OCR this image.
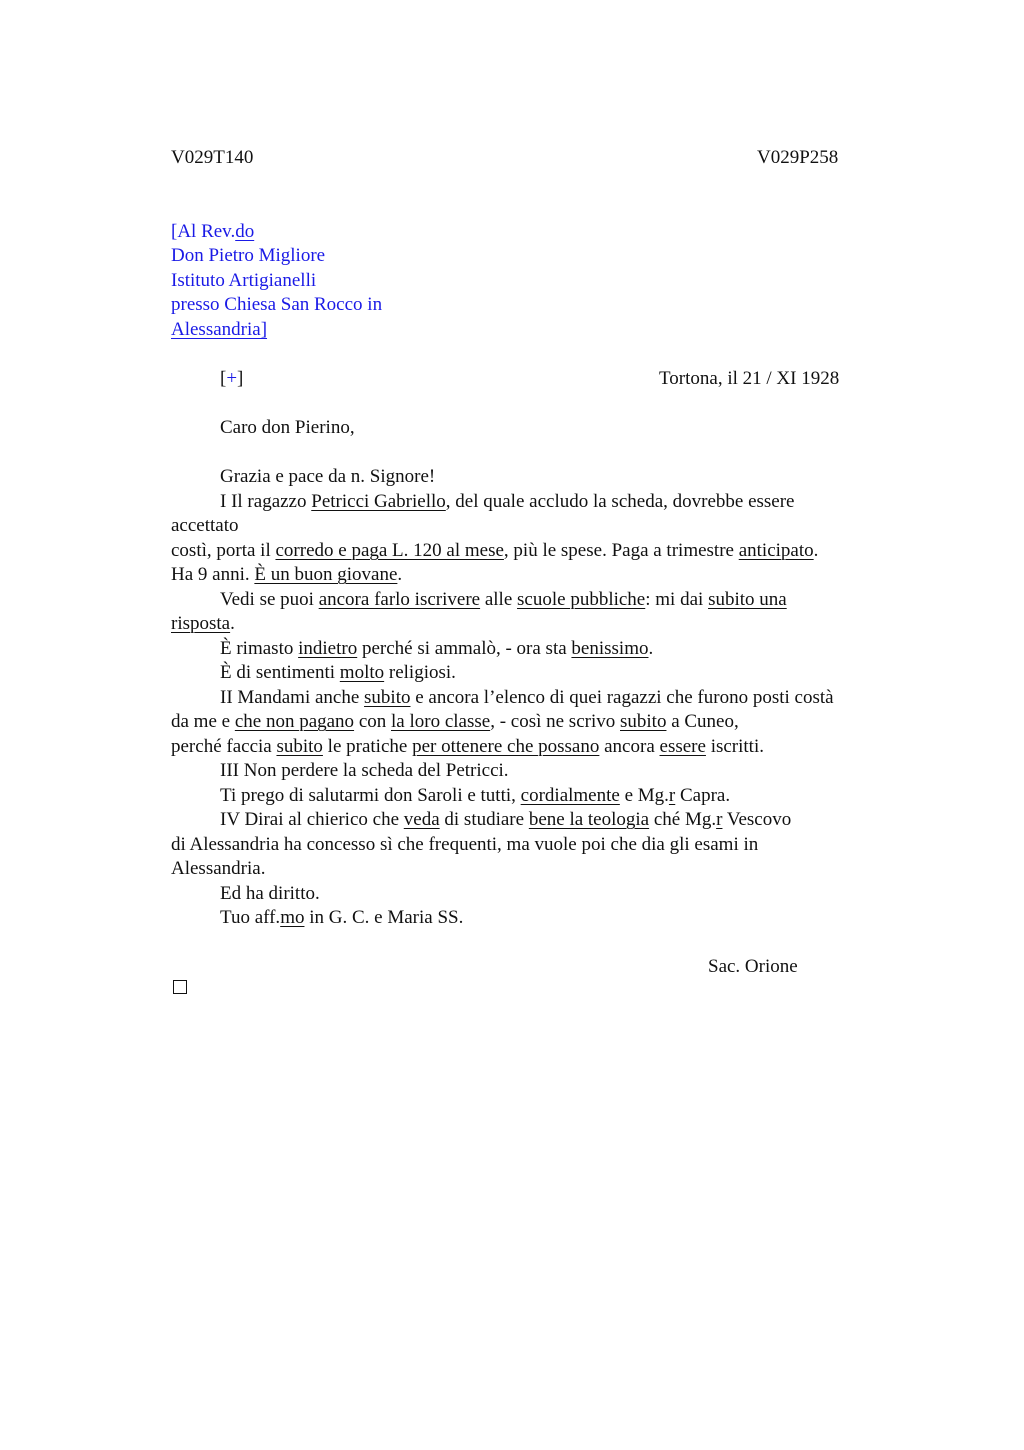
V029T140	V029P258

[Al Rev.do

Don Pietro Migliore

Istituto Artigianelli

presso Chiesa San Rocco in

Alessandria]

[+]	Tortona, il 21 / XI 1928

Caro don Pierino,

Grazia e pace da n. Signore!

I Il ragazzo Petricci Gabriello, del quale accludo la scheda, dovrebbe essere

accettato

costì, porta il corredo e paga L. 120 al mese, più le spese. Paga a trimestre anticipato.

Ha 9 anni. È un buon giovane.

Vedi se puoi ancora farlo iscrivere alle scuole pubbliche: mi dai subito una

risposta.

È rimasto indietro perché si ammalò, - ora sta benissimo.

È di sentimenti molto religiosi.

II Mandami anche subito e ancora l’elenco di quei ragazzi che furono posti costà

da me e che non pagano con la loro classe, - così ne scrivo subito a Cuneo,

perché faccia subito le pratiche per ottenere che possano ancora essere iscritti.

III Non perdere la scheda del Petricci.

Ti prego di salutarmi don Saroli e tutti, cordialmente e Mg.r Capra.

IV Dirai al chierico che veda di studiare bene la teologia ché Mg.r Vescovo

di Alessandria ha concesso sì che frequenti, ma vuole poi che dia gli esami in

Alessandria.

Ed ha diritto.

Tuo aff.mo in G. C. e Maria SS.

Sac. Orione
